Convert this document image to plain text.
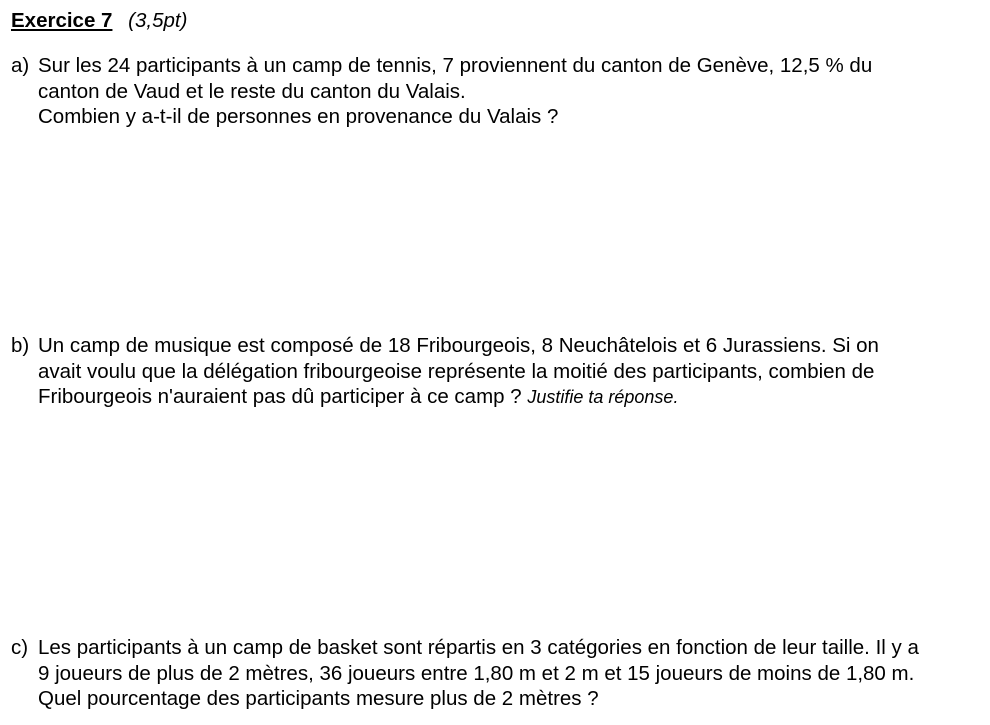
Exercice 7 (3,5pt)
a) Sur les 24 participants à un camp de tennis, 7 proviennent du canton de Genève, 12,5 % du
canton de Vaud et le reste du canton du Valais.
Combien y a-t-il de personnes en provenance du Valais ?
b) Un camp de musique est composé de 18 Fribourgeois, 8 Neuchâtelois et 6 Jurassiens. Si on
avait voulu que la délégation fribourgeoise représente la moitié des participants, combien de
Fribourgeois n'auraient pas dû participer à ce camp ? Justifie ta réponse.
c) Les participants à un camp de basket sont répartis en 3 catégories en fonction de leur taille. Il y a
9 joueurs de plus de 2 mètres, 36 joueurs entre 1,80 m et 2 m et 15 joueurs de moins de 1,80 m.
Quel pourcentage des participants mesure plus de 2 mètres ?
